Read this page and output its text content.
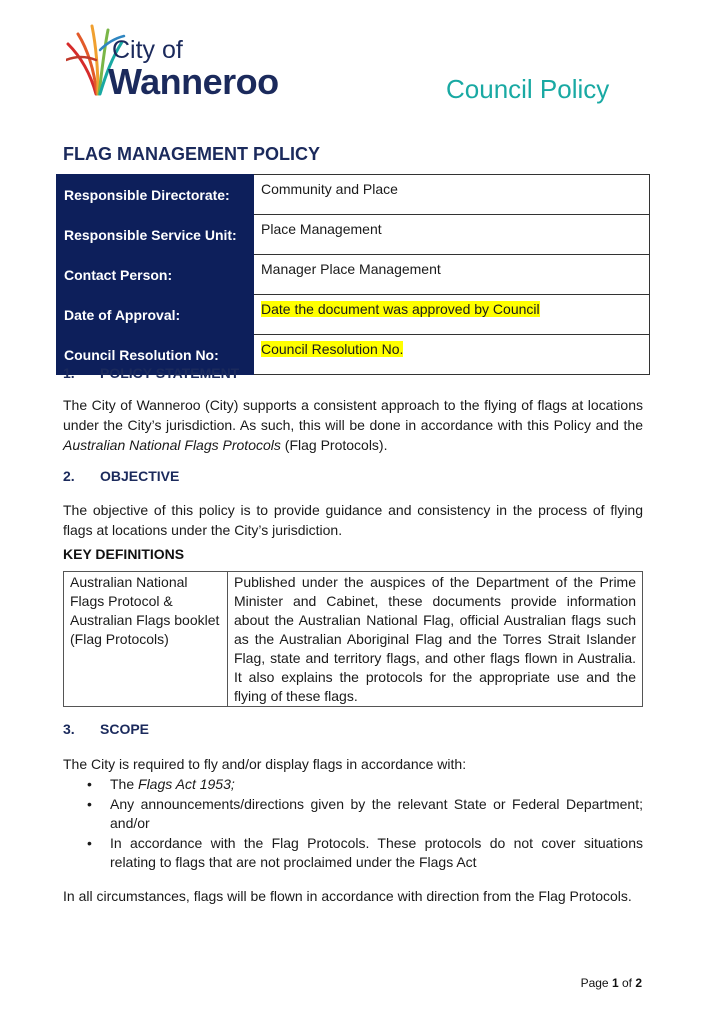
City of
Wanneroo	Council Policy
FLAG MANAGEMENT POLICY
Responsible Directorate:	Community and Place
Responsible Service Unit:	Place Management
Contact Person:	Manager Place Management
Date of Approval:	Date the document was approved by Council
Council Resolution No:	Council Resolution No.
1. POLICY STATEMENT

The City of Wanneroo (City) supports a consistent approach to the flying of flags at locations under the City’s jurisdiction. As such, this will be done in accordance with this Policy and the Australian National Flags Protocols (Flag Protocols).

2. OBJECTIVE

The objective of this policy is to provide guidance and consistency in the process of flying flags at locations under the City’s jurisdiction.

KEY DEFINITIONS
Australian National Flags Protocol & Australian Flags booklet (Flag Protocols)	Published under the auspices of the Department of the Prime Minister and Cabinet, these documents provide information about the Australian National Flag, official Australian flags such as the Australian Aboriginal Flag and the Torres Strait Islander Flag, state and territory flags, and other flags flown in Australia. It also explains the protocols for the appropriate use and the flying of these flags.
3. SCOPE

The City is required to fly and/or display flags in accordance with:

• The Flags Act 1953;
• Any announcements/directions given by the relevant State or Federal Department; and/or
• In accordance with the Flag Protocols. These protocols do not cover situations relating to flags that are not proclaimed under the Flags Act

In all circumstances, flags will be flown in accordance with direction from the Flag Protocols.

Page 1 of 2
